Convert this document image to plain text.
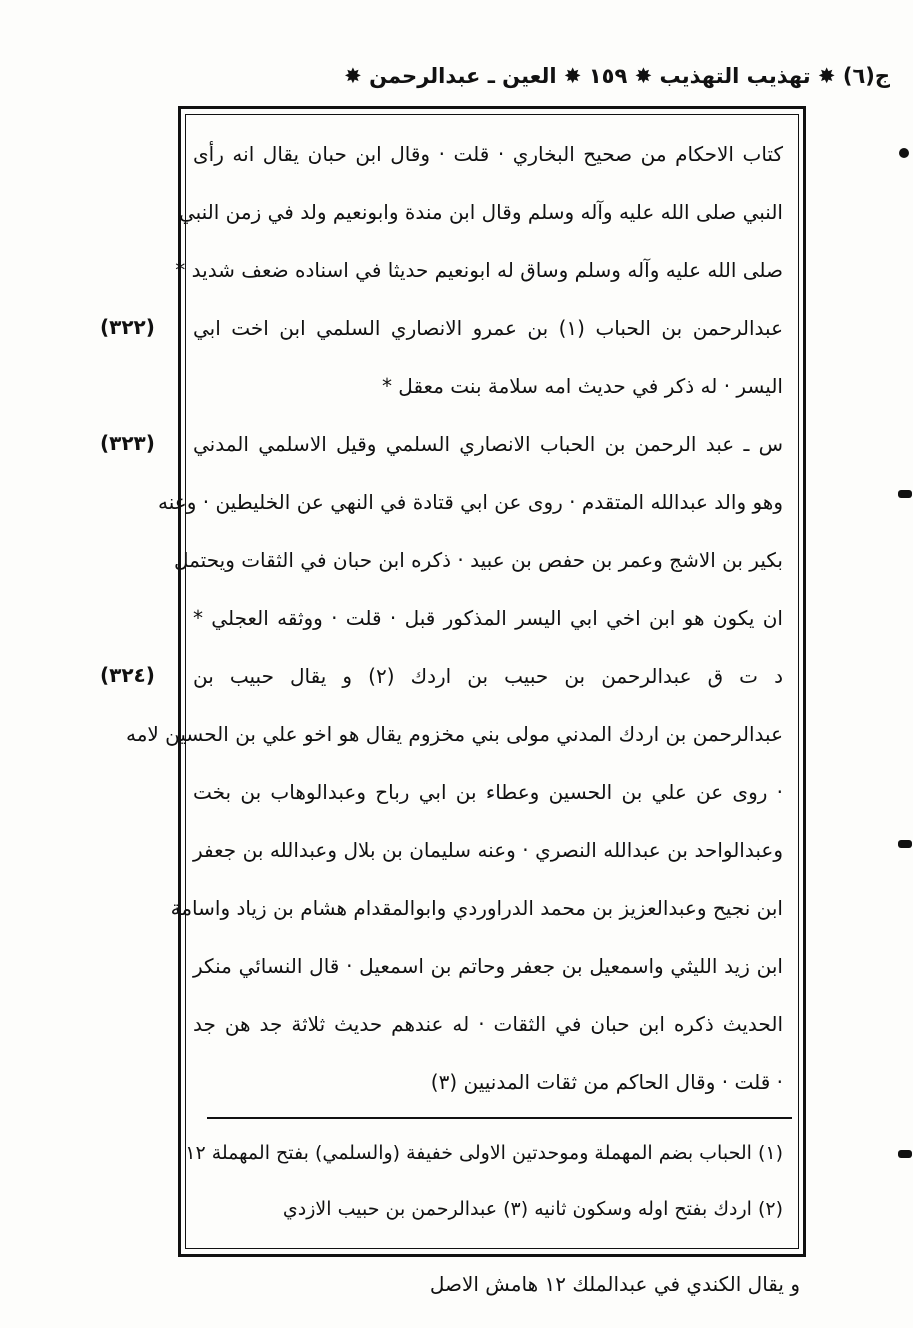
ج(٦) ✸ تهذيب التهذيب ✸ ١٥٩ ✸ العين ـ عبدالرحمن ✸
كتاب الاحكام من صحيح البخاري · قلت · وقال ابن حبان يقال انه رأى
النبي صلى الله عليه وآله وسلم وقال ابن مندة وابونعيم ولد في زمن النبي
صلى الله عليه وآله وسلم وساق له ابونعيم حديثا في اسناده ضعف شديد *
عبدالرحمن بن الحباب (١) بن عمرو الانصاري السلمي ابن اخت ابي
اليسر · له ذكر في حديث امه سلامة بنت معقل *
س ـ عبد الرحمن بن الحباب الانصاري السلمي وقيل الاسلمي المدني
وهو والد عبدالله المتقدم · روى عن ابي قتادة في النهي عن الخليطين · وعنه
بكير بن الاشج وعمر بن حفص بن عبيد · ذكره ابن حبان في الثقات ويحتمل
ان يكون هو ابن اخي ابي اليسر المذكور قبل · قلت · ووثقه العجلي *
د ت ق عبدالرحمن بن حبيب بن اردك (٢) و يقال حبيب بن
عبدالرحمن بن اردك المدني مولى بني مخزوم يقال هو اخو علي بن الحسين لامه
· روى عن علي بن الحسين وعطاء بن ابي رباح وعبدالوهاب بن بخت
وعبدالواحد بن عبدالله النصري · وعنه سليمان بن بلال وعبدالله بن جعفر
ابن نجيح وعبدالعزيز بن محمد الدراوردي وابوالمقدام هشام بن زياد واسامة
ابن زيد الليثي واسمعيل بن جعفر وحاتم بن اسمعيل · قال النسائي منكر
الحديث ذكره ابن حبان في الثقات · له عندهم حديث ثلاثة جد هن جد
· قلت · وقال الحاكم من ثقات المدنيين (٣)
(٣٢٢)
(٣٢٣)
(٣٢٤)
(١) الحباب بضم المهملة وموحدتين الاولى خفيفة (والسلمي) بفتح المهملة ١٢
(٢) اردك بفتح اوله وسكون ثانيه (٣) عبدالرحمن بن حبيب الازدي
و يقال الكندي في عبدالملك ١٢ هامش الاصل
